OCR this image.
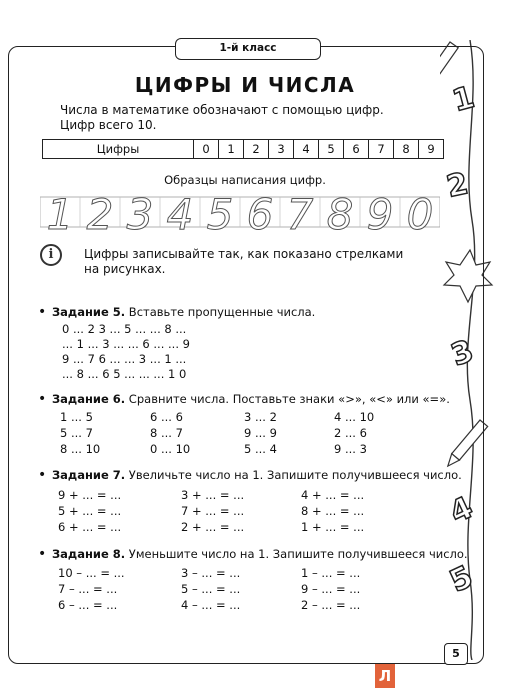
1
2
3
4
5
1-й класс
ЦИФРЫ И ЧИСЛА
Числа в математике обозначают с помощью цифр.
Цифр всего 10.
Цифры	0	1	2	3	4	5	6	7	8	9
Образцы написания цифр.
1 2 3 4 5 6 7 8 9 0
i	Цифры записывайте так, как показано стрелками
на рисунках.
• Задание 5. Вставьте пропущенные числа.
0 ... 2 3 ... 5 ... ... 8 ...
... 1 ... 3 ... ... 6 ... ... 9
9 ... 7 6 ... ... 3 ... 1 ...
... 8 ... 6 5 ... ... ... 1 0
• Задание 6. Сравните числа. Поставьте знаки «>», «<» или «=».
1 ... 5	6 ... 6	3 ... 2	4 ... 10
5 ... 7	8 ... 7	9 ... 9	2 ... 6
8 ... 10	0 ... 10	5 ... 4	9 ... 3
• Задание 7. Увеличьте число на 1. Запишите получившееся число.
9 + ... = ...	3 + ... = ...	4 + ... = ...
5 + ... = ...	7 + ... = ...	8 + ... = ...
6 + ... = ...	2 + ... = ...	1 + ... = ...
• Задание 8. Уменьшите число на 1. Запишите получившееся число.
10 – ... = ...	3 – ... = ...	1 – ... = ...
7 – ... = ...	5 – ... = ...	9 – ... = ...
6 – ... = ...	4 – ... = ...	2 – ... = ...
5
Л
